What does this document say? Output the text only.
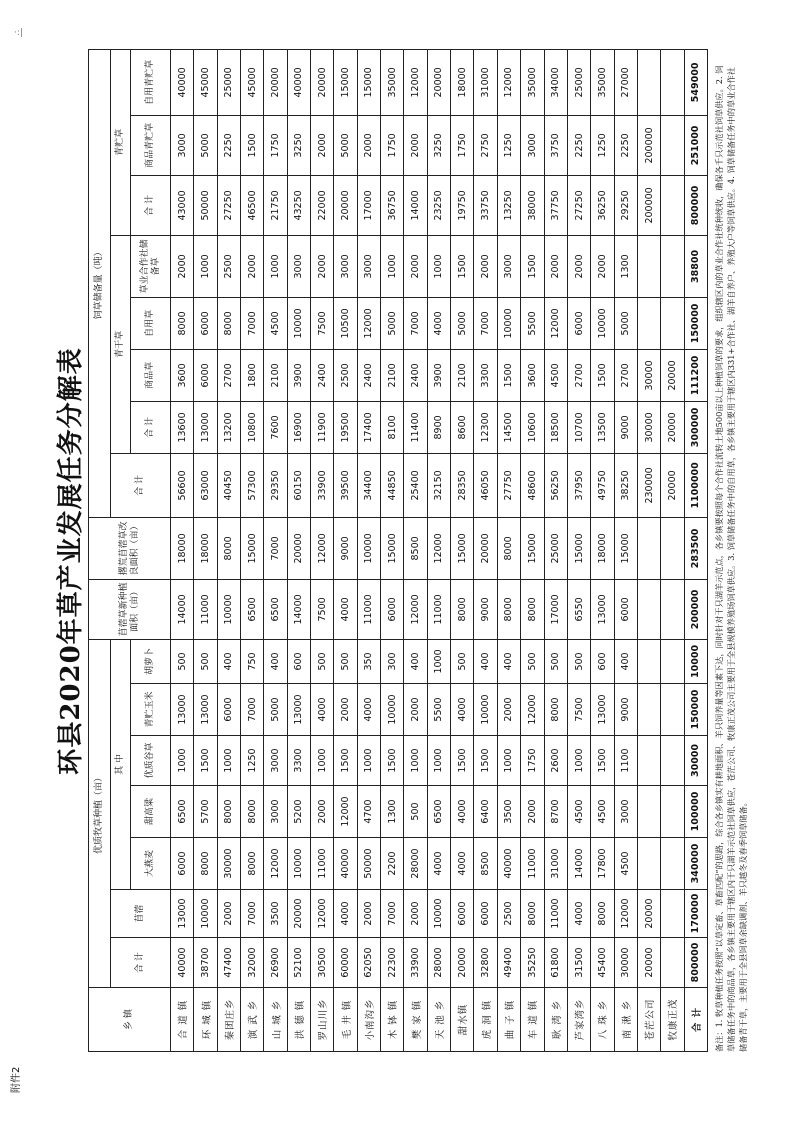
附件2
·:|
环县2020年草产业发展任务分解表
乡 镇	优质牧草种植（亩）							苜蓿草新种植面积（亩）	撂荒苜蓿草改良面积（亩）	饲草储备量（吨）							
	合 计	苜蓿	其 中							合 计	青干草				青贮草		
			大燕麦	甜高粱	优质谷草	青贮玉米	胡萝卜				合 计	商品草	自用草	草业合作社储备草	合 计	商品青贮草	自用青贮草
合 道 镇	40000	13000	6000	6500	1000	13000	500	14000	18000	56600	13600	3600	8000	2000	43000	3000	40000
环 城 镇	38700	10000	8000	5700	1500	13000	500	11000	18000	63000	13000	6000	6000	1000	50000	5000	45000
秦团庄乡	47400	2000	30000	8000	1000	6000	400	10000	8000	40450	13200	2700	8000	2500	27250	2250	25000
演 武 乡	32000	7000	8000	8000	1250	7000	750	6500	15000	57300	10800	1800	7000	2000	46500	1500	45000
山 城 乡	26900	3500	12000	3000	3000	5000	400	6500	7000	29350	7600	2100	4500	1000	21750	1750	20000
洪 德 镇	52100	20000	10000	5200	3300	13000	600	14000	20000	60150	16900	3900	10000	3000	43250	3250	40000
罗山川乡	30500	12000	11000	2000	1000	4000	500	7500	12000	33900	11900	2400	7500	2000	22000	2000	20000
毛 井 镇	60000	4000	40000	12000	1500	2000	500	4000	9000	39500	19500	2500	10500	3000	20000	5000	15000
小南沟乡	62050	2000	50000	4700	1000	4000	350	11000	10000	34400	17400	2400	12000	3000	17000	2000	15000
木 钵 镇	22300	7000	2200	1300	1500	10000	300	6000	15000	44850	8100	2100	5000	1000	36750	1750	35000
樊 家 镇	33900	2000	28000	500	1000	2000	400	12000	8500	25400	11400	2400	7000	2000	14000	2000	12000
天 池 乡	28000	10000	4000	6500	1000	5500	1000	11000	12000	32150	8900	3900	4000	1000	23250	3250	20000
甜水镇	20000	6000	4000	4000	1500	4000	500	8000	15000	28350	8600	2100	5000	1500	19750	1750	18000
虎 洞 镇	32800	6000	8500	6400	1500	10000	400	9000	20000	46050	12300	3300	7000	2000	33750	2750	31000
曲 子 镇	49400	2500	40000	3500	1000	2000	400	8000	8000	27750	14500	1500	10000	3000	13250	1250	12000
车 道 镇	35250	8000	11000	2000	1750	12000	500	8000	15000	48600	10600	3600	5500	1500	38000	3000	35000
耿 湾 乡	61800	11000	31000	8700	2600	8000	500	17000	25000	56250	18500	4500	12000	2000	37750	3750	34000
芦家湾乡	31500	4000	14000	4500	1000	7500	500	6550	15000	37950	10700	2700	6000	2000	27250	2250	25000
八 珠 乡	45400	8000	17800	4500	1500	13000	600	13000	18000	49750	13500	1500	10000	2000	36250	1250	35000
南 湫 乡	30000	12000	4500	3000	1100	9000	400	6000	15000	38250	9000	2700	5000	1300	29250	2250	27000
苍茫公司	20000	20000								230000	30000	30000			200000	200000	
牧康正茂										20000	20000	20000					
合 计	800000	170000	340000	100000	30000	150000	10000	200000	283500	1100000	300000	111200	150000	38800	800000	251000	549000 备注：1. 牧草种植任务按照“以草定畜、草畜匹配”的思路，综合各乡镇实有耕地面积、羊只饲养量等因素下达，同时针对干只湖羊示范点，各乡镇要按照每个合作社流转土地500亩以上种植饲草的要求，组织辖区内的草业合作社统种统收，确保各千只示范社饲草供应。2. 饲草储备任务中的商品草，各乡镇主要用于辖区内干只湖羊示范社饲草供应，苍茫公司、牧康正茂公司主要用于全县规模养殖场饲草供应。3. 饲草储备任务中的自用草，各乡镇主要用于辖区内331+合作社、湖羊自养户、养殖大户等饲草供应。4. 饲草储备任务中的草业合作社储备青干草，主要用于全县饲草余缺调剂、羊只越冬及春季饲草储备。
